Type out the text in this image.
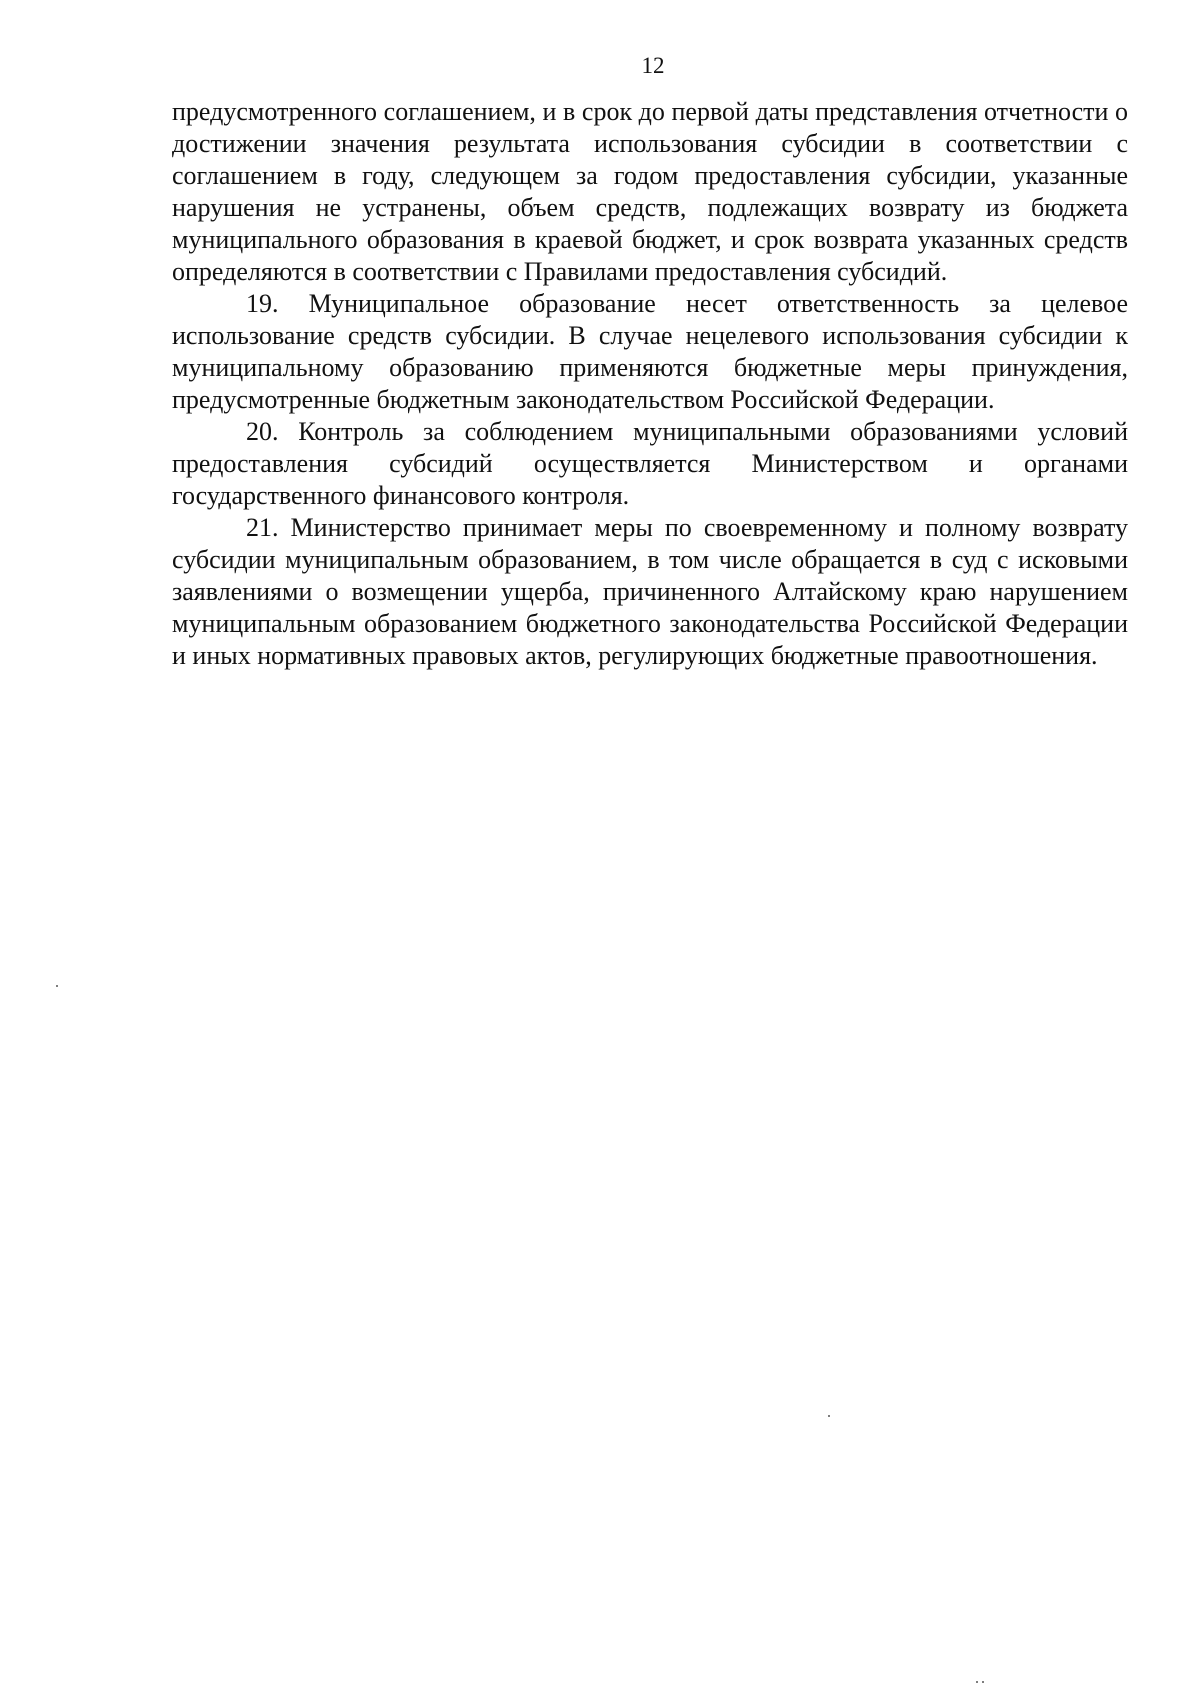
12

предусмотренного соглашением, и в срок до первой даты представления отчетности о достижении значения результата использования субсидии в соответствии с соглашением в году, следующем за годом предоставления субсидии, указанные нарушения не устранены, объем средств, подлежащих возврату из бюджета муниципального образования в краевой бюджет, и срок возврата указанных средств определяются в соответствии с Правилами предоставления субсидий.

19. Муниципальное образование несет ответственность за целевое использование средств субсидии. В случае нецелевого использования субсидии к муниципальному образованию применяются бюджетные меры принуждения, предусмотренные бюджетным законодательством Российской Федерации.

20. Контроль за соблюдением муниципальными образованиями условий предоставления субсидий осуществляется Министерством и органами государственного финансового контроля.

21. Министерство принимает меры по своевременному и полному возврату субсидии муниципальным образованием, в том числе обращается в суд с исковыми заявлениями о возмещении ущерба, причиненного Алтайскому краю нарушением муниципальным образованием бюджетного законодательства Российской Федерации и иных нормативных правовых актов, регулирующих бюджетные правоотношения.
